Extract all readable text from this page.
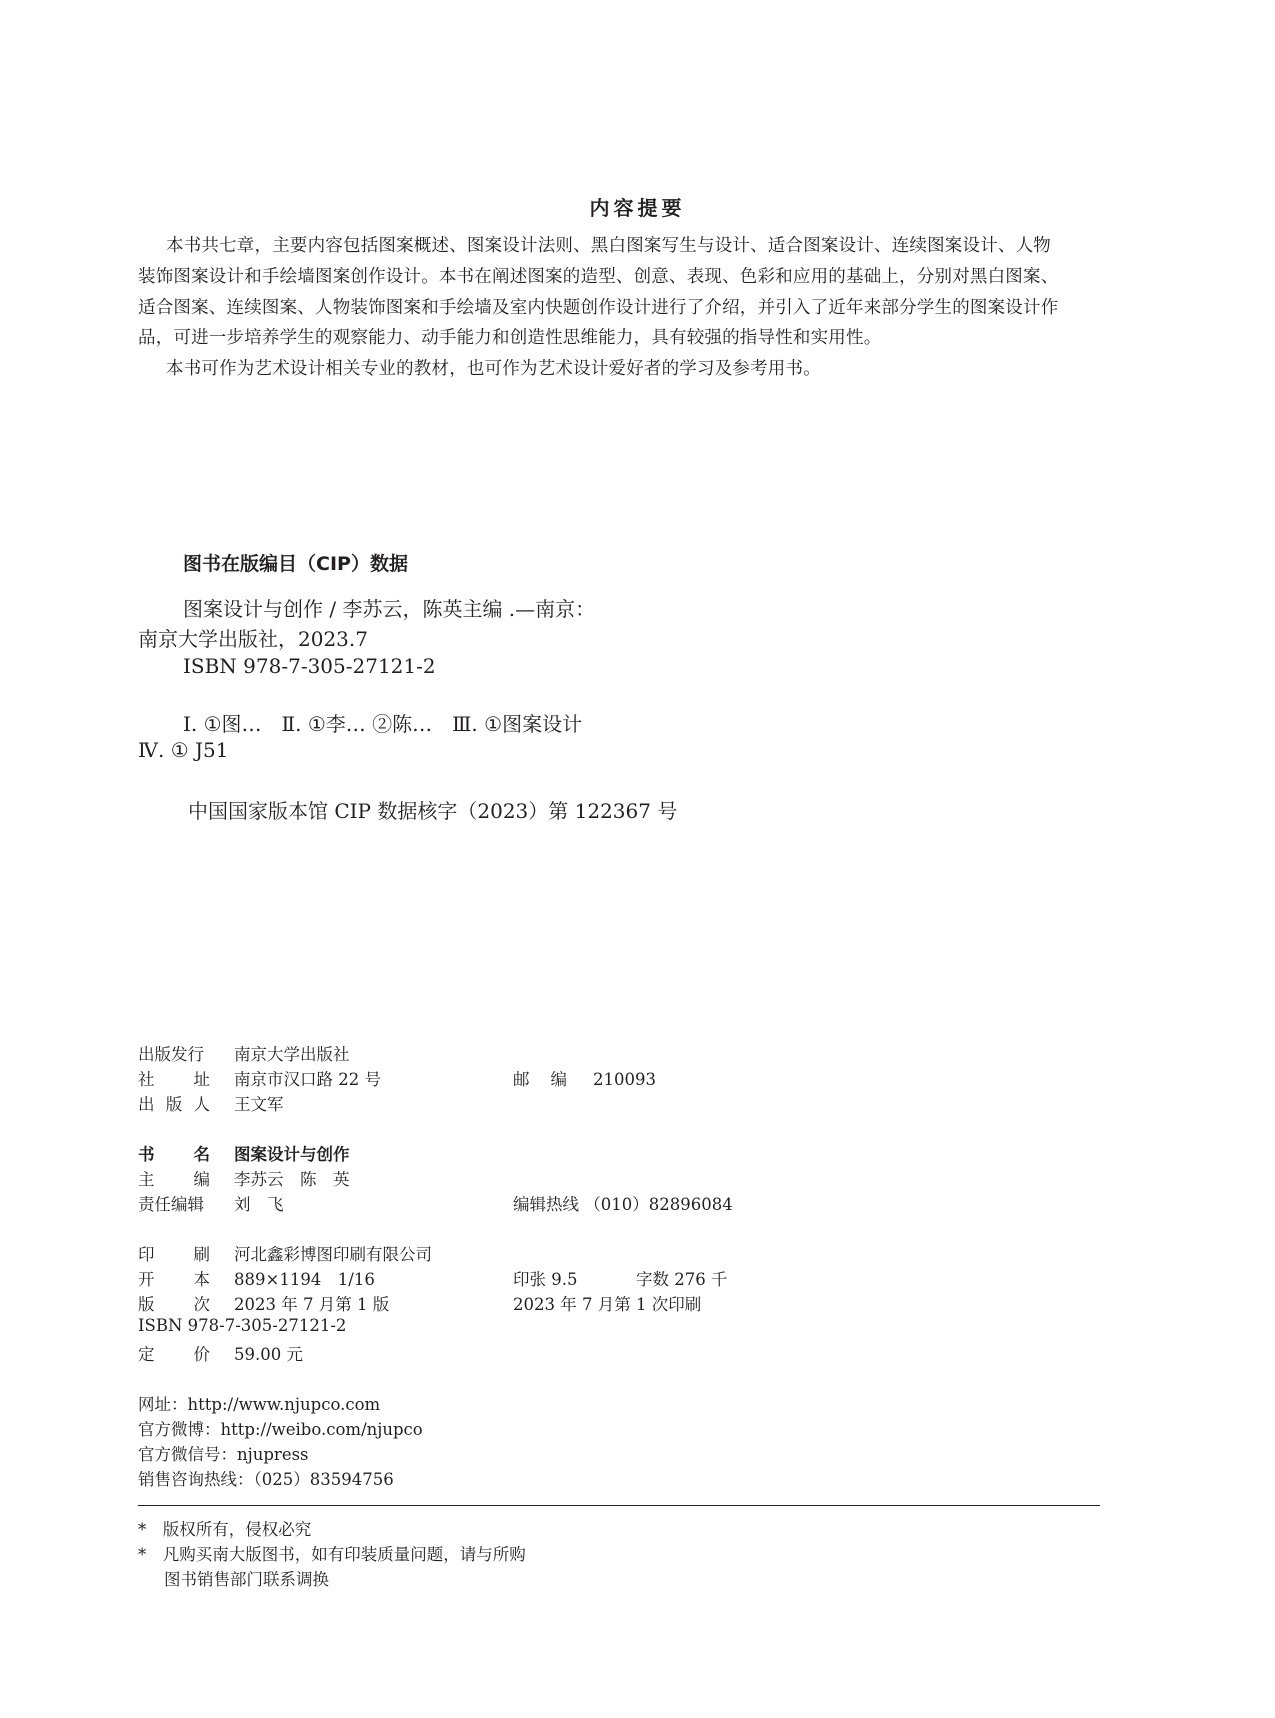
内容提要
本书共七章，主要内容包括图案概述、图案设计法则、黑白图案写生与设计、适合图案设计、连续图案设计、人物
装饰图案设计和手绘墙图案创作设计。本书在阐述图案的造型、创意、表现、色彩和应用的基础上，分别对黑白图案、
适合图案、连续图案、人物装饰图案和手绘墙及室内快题创作设计进行了介绍，并引入了近年来部分学生的图案设计作
品，可进一步培养学生的观察能力、动手能力和创造性思维能力，具有较强的指导性和实用性。
本书可作为艺术设计相关专业的教材，也可作为艺术设计爱好者的学习及参考用书。
图书在版编目（CIP）数据
图案设计与创作 / 李苏云，陈英主编 .—南京：
南京大学出版社，2023.7
ISBN 978-7-305-27121-2
Ⅰ. ①图…　Ⅱ. ①李… ②陈…　Ⅲ. ①图案设计
Ⅳ. ① J51
中国国家版本馆 CIP 数据核字（2023）第 122367 号
出版发行 南京大学出版社
社址 南京市汉口路 22 号	邮编 210093
出版人 王文军
书名 图案设计与创作
主编 李苏云　陈　英
责任编辑 刘　飞	编辑热线 （010）82896084
印刷 河北鑫彩博图印刷有限公司
开本 889×1194　1/16	印张 9.5	字数 276 千
版次 2023 年 7 月第 1 版	2023 年 7 月第 1 次印刷
ISBN 978-7-305-27121-2
定价 59.00 元
网址：http://www.njupco.com
官方微博：http://weibo.com/njupco
官方微信号：njupress
销售咨询热线：（025）83594756
*　版权所有，侵权必究
*　凡购买南大版图书，如有印装质量问题，请与所购
图书销售部门联系调换
